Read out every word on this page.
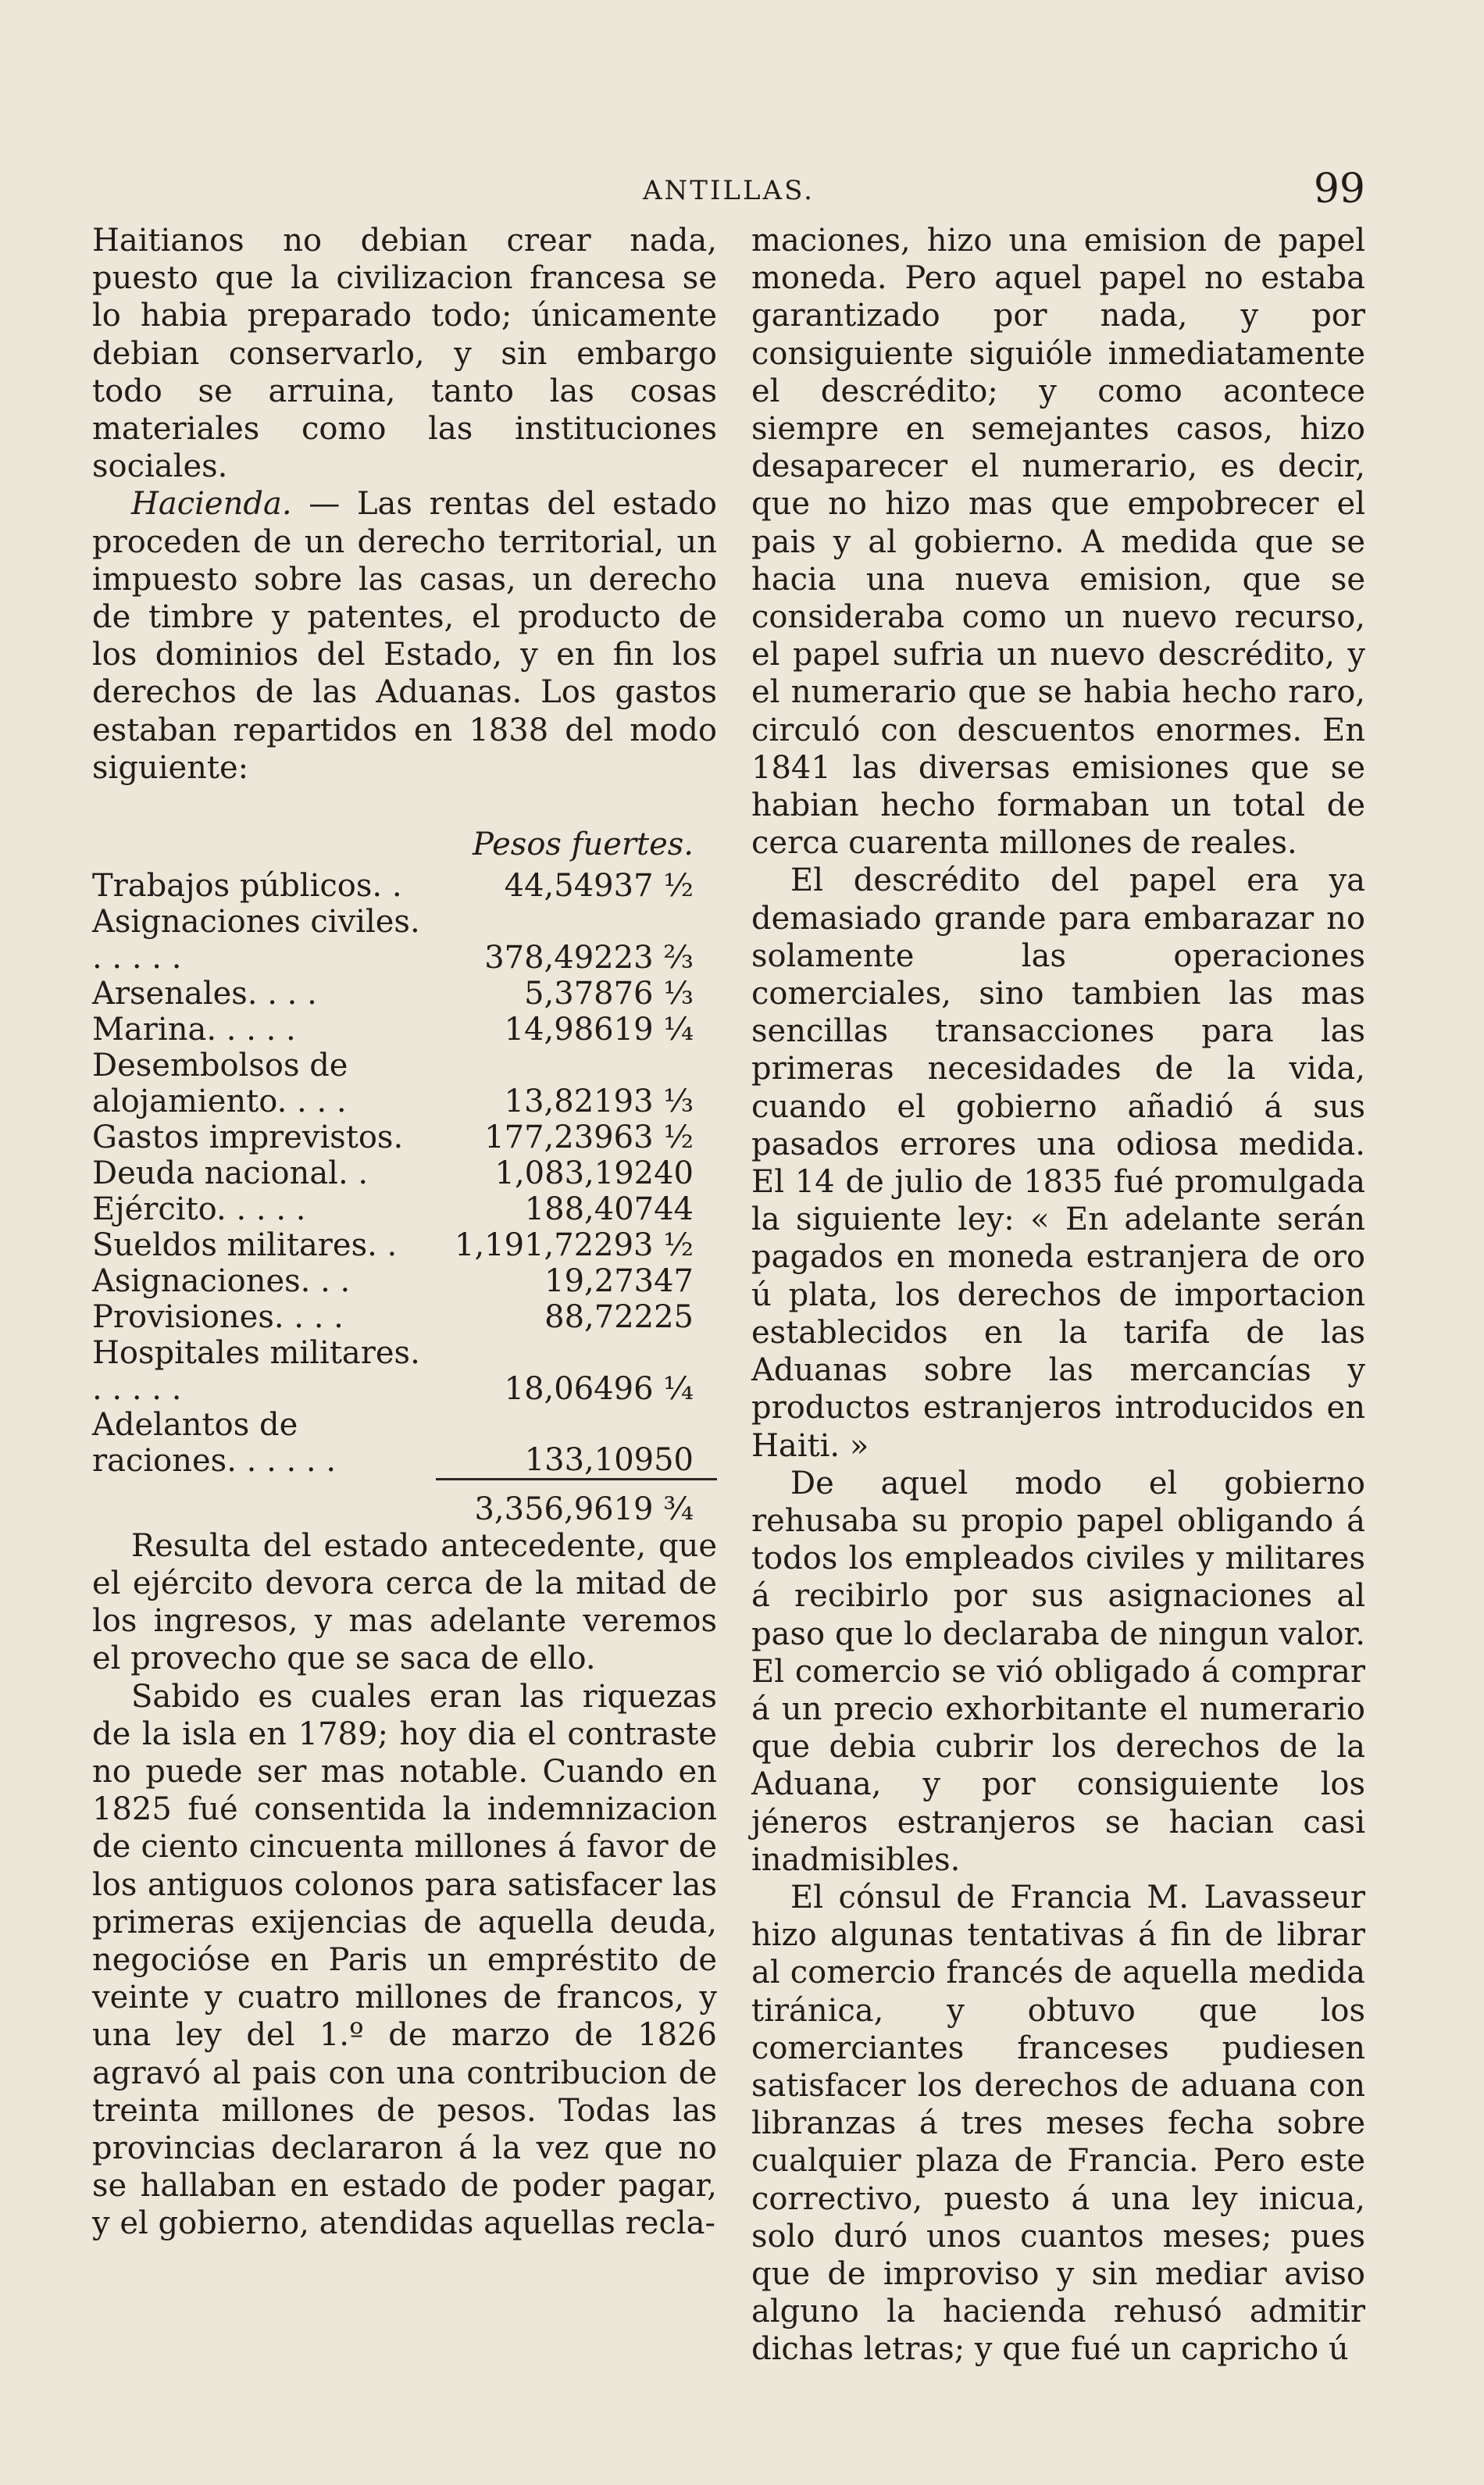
ANTILLAS.	99

Haitianos no debian crear nada, puesto que la civilizacion francesa se lo habia preparado todo; únicamente debian conservarlo, y sin embargo todo se arruina, tanto las cosas materiales como las instituciones sociales.

Hacienda. — Las rentas del estado proceden de un derecho territorial, un impuesto sobre las casas, un derecho de timbre y patentes, el producto de los dominios del Estado, y en fin los derechos de las Aduanas. Los gastos estaban repartidos en 1838 del modo siguiente:

Pesos fuertes.
Trabajos públicos. .	44,54937 ½
Asignaciones civiles. . . . . .	378,49223 ⅔
Arsenales. . . .	5,37876 ⅓
Marina. . . . .	14,98619 ¼
Desembolsos de alojamiento. . . .	13,82193 ⅓
Gastos imprevistos.	177,23963 ½
Deuda nacional. .	1,083,19240
Ejército. . . . .	188,40744
Sueldos militares. .	1,191,72293 ½
Asignaciones. . .	19,27347
Provisiones. . . .	88,72225
Hospitales militares. . . . . .	18,06496 ¼
Adelantos de raciones. . . . . .	133,10950
	3,356,9619 ¾

Resulta del estado antecedente, que el ejército devora cerca de la mitad de los ingresos, y mas adelante veremos el provecho que se saca de ello.

Sabido es cuales eran las riquezas de la isla en 1789; hoy dia el contraste no puede ser mas notable. Cuando en 1825 fué consentida la indemnizacion de ciento cincuenta millones á favor de los antiguos colonos para satisfacer las primeras exijencias de aquella deuda, negocióse en Paris un empréstito de veinte y cuatro millones de francos, y una ley del 1.º de marzo de 1826 agravó al pais con una contribucion de treinta millones de pesos. Todas las provincias declararon á la vez que no se hallaban en estado de poder pagar, y el gobierno, atendidas aquellas recla-

maciones, hizo una emision de papel moneda. Pero aquel papel no estaba garantizado por nada, y por consiguiente siguióle inmediatamente el descrédito; y como acontece siempre en semejantes casos, hizo desaparecer el numerario, es decir, que no hizo mas que empobrecer el pais y al gobierno. A medida que se hacia una nueva emision, que se consideraba como un nuevo recurso, el papel sufria un nuevo descrédito, y el numerario que se habia hecho raro, circuló con descuentos enormes. En 1841 las diversas emisiones que se habian hecho formaban un total de cerca cuarenta millones de reales.

El descrédito del papel era ya demasiado grande para embarazar no solamente las operaciones comerciales, sino tambien las mas sencillas transacciones para las primeras necesidades de la vida, cuando el gobierno añadió á sus pasados errores una odiosa medida. El 14 de julio de 1835 fué promulgada la siguiente ley: « En adelante serán pagados en moneda estranjera de oro ú plata, los derechos de importacion establecidos en la tarifa de las Aduanas sobre las mercancías y productos estranjeros introducidos en Haiti. »

De aquel modo el gobierno rehusaba su propio papel obligando á todos los empleados civiles y militares á recibirlo por sus asignaciones al paso que lo declaraba de ningun valor. El comercio se vió obligado á comprar á un precio exhorbitante el numerario que debia cubrir los derechos de la Aduana, y por consiguiente los jéneros estranjeros se hacian casi inadmisibles.

El cónsul de Francia M. Lavasseur hizo algunas tentativas á fin de librar al comercio francés de aquella medida tiránica, y obtuvo que los comerciantes franceses pudiesen satisfacer los derechos de aduana con libranzas á tres meses fecha sobre cualquier plaza de Francia. Pero este correctivo, puesto á una ley inicua, solo duró unos cuantos meses; pues que de improviso y sin mediar aviso alguno la hacienda rehusó admitir dichas letras; y que fué un capricho ú
